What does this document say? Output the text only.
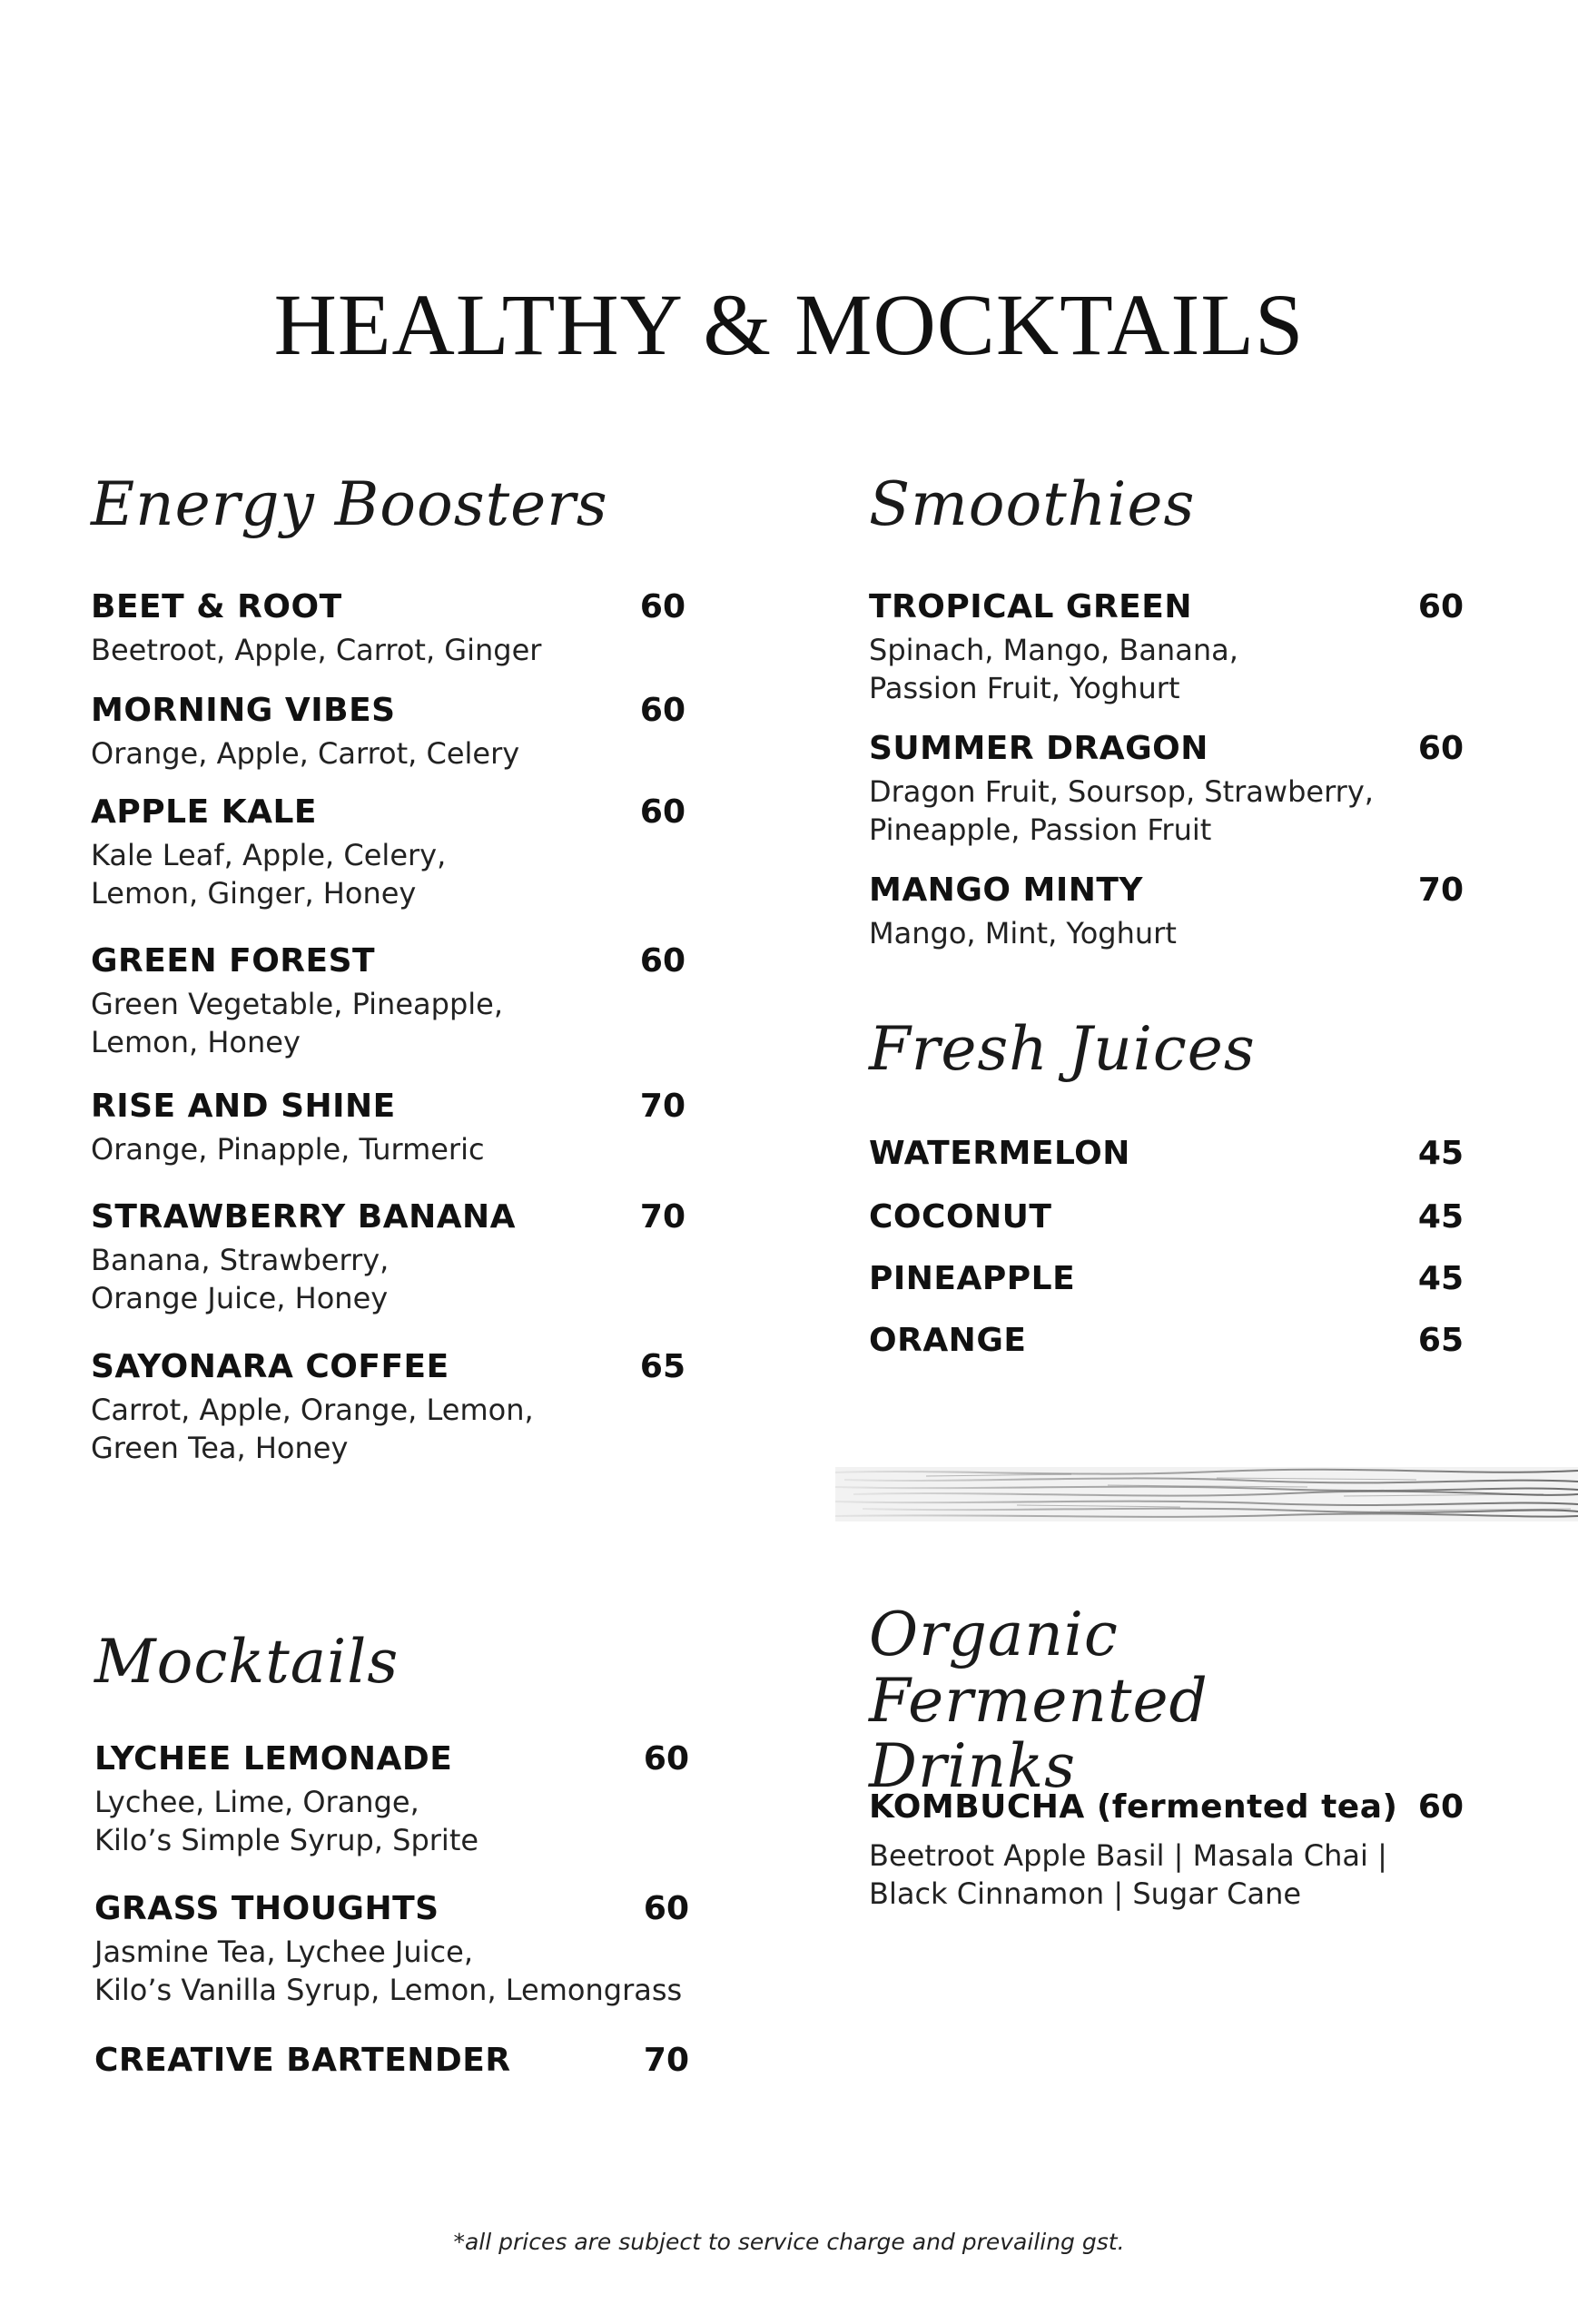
HEALTHY & MOCKTAILS
Energy Boosters
BEET & ROOT	60
Beetroot, Apple, Carrot, Ginger
MORNING VIBES	60
Orange, Apple, Carrot, Celery
APPLE KALE	60
Kale Leaf, Apple, Celery,
Lemon, Ginger, Honey
GREEN FOREST	60
Green Vegetable, Pineapple,
Lemon, Honey
RISE AND SHINE	70
Orange, Pinapple, Turmeric
STRAWBERRY BANANA	70
Banana, Strawberry,
Orange Juice, Honey
SAYONARA COFFEE	65
Carrot, Apple, Orange, Lemon,
Green Tea, Honey
Smoothies
TROPICAL GREEN	60
Spinach, Mango, Banana,
Passion Fruit, Yoghurt
SUMMER DRAGON	60
Dragon Fruit, Soursop, Strawberry,
Pineapple, Passion Fruit
MANGO MINTY	70
Mango, Mint, Yoghurt
Fresh Juices
WATERMELON	45
COCONUT	45
PINEAPPLE	45
ORANGE	65
Mocktails
LYCHEE LEMONADE	60
Lychee, Lime, Orange,
Kilo’s Simple Syrup, Sprite
GRASS THOUGHTS	60
Jasmine Tea, Lychee Juice,
Kilo’s Vanilla Syrup, Lemon, Lemongrass
CREATIVE BARTENDER	70
Organic Fermented
Drinks
KOMBUCHA (fermented tea) 60
Beetroot Apple Basil | Masala Chai |
Black Cinnamon | Sugar Cane
*all prices are subject to service charge and prevailing gst.
